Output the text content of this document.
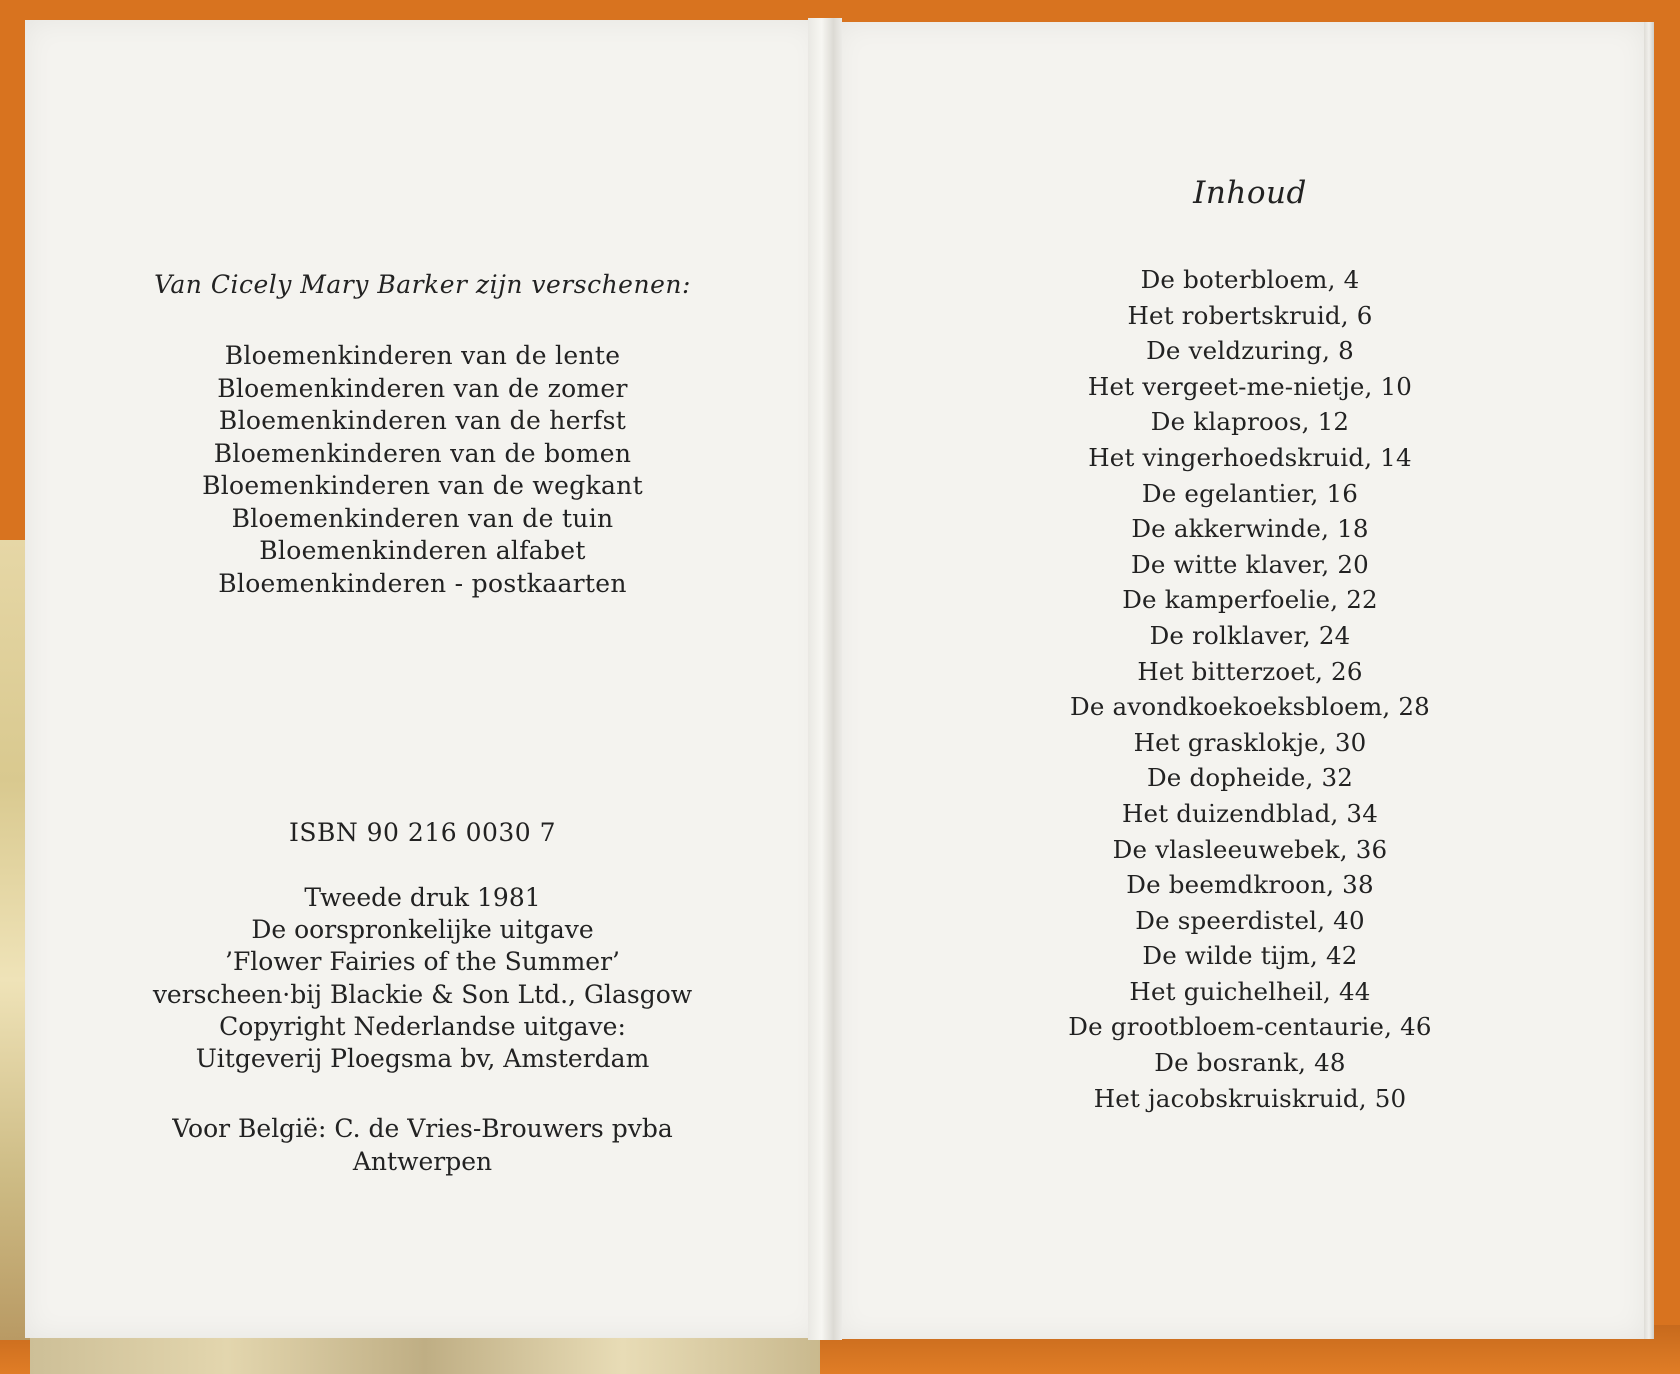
Van Cicely Mary Barker zijn verschenen:
Bloemenkinderen van de lente
Bloemenkinderen van de zomer
Bloemenkinderen van de herfst
Bloemenkinderen van de bomen
Bloemenkinderen van de wegkant
Bloemenkinderen van de tuin
Bloemenkinderen alfabet
Bloemenkinderen - postkaarten
ISBN 90 216 0030 7
Tweede druk 1981
De oorspronkelijke uitgave
’Flower Fairies of the Summer’
verscheen·bij Blackie & Son Ltd., Glasgow
Copyright Nederlandse uitgave:
Uitgeverij Ploegsma bv, Amsterdam
Voor België: C. de Vries-Brouwers pvba
Antwerpen
Inhoud
De boterbloem, 4
Het robertskruid, 6
De veldzuring, 8
Het vergeet-me-nietje, 10
De klaproos, 12
Het vingerhoedskruid, 14
De egelantier, 16
De akkerwinde, 18
De witte klaver, 20
De kamperfoelie, 22
De rolklaver, 24
Het bitterzoet, 26
De avondkoekoeksbloem, 28
Het grasklokje, 30
De dopheide, 32
Het duizendblad, 34
De vlasleeuwebek, 36
De beemdkroon, 38
De speerdistel, 40
De wilde tijm, 42
Het guichelheil, 44
De grootbloem-centaurie, 46
De bosrank, 48
Het jacobskruiskruid, 50
